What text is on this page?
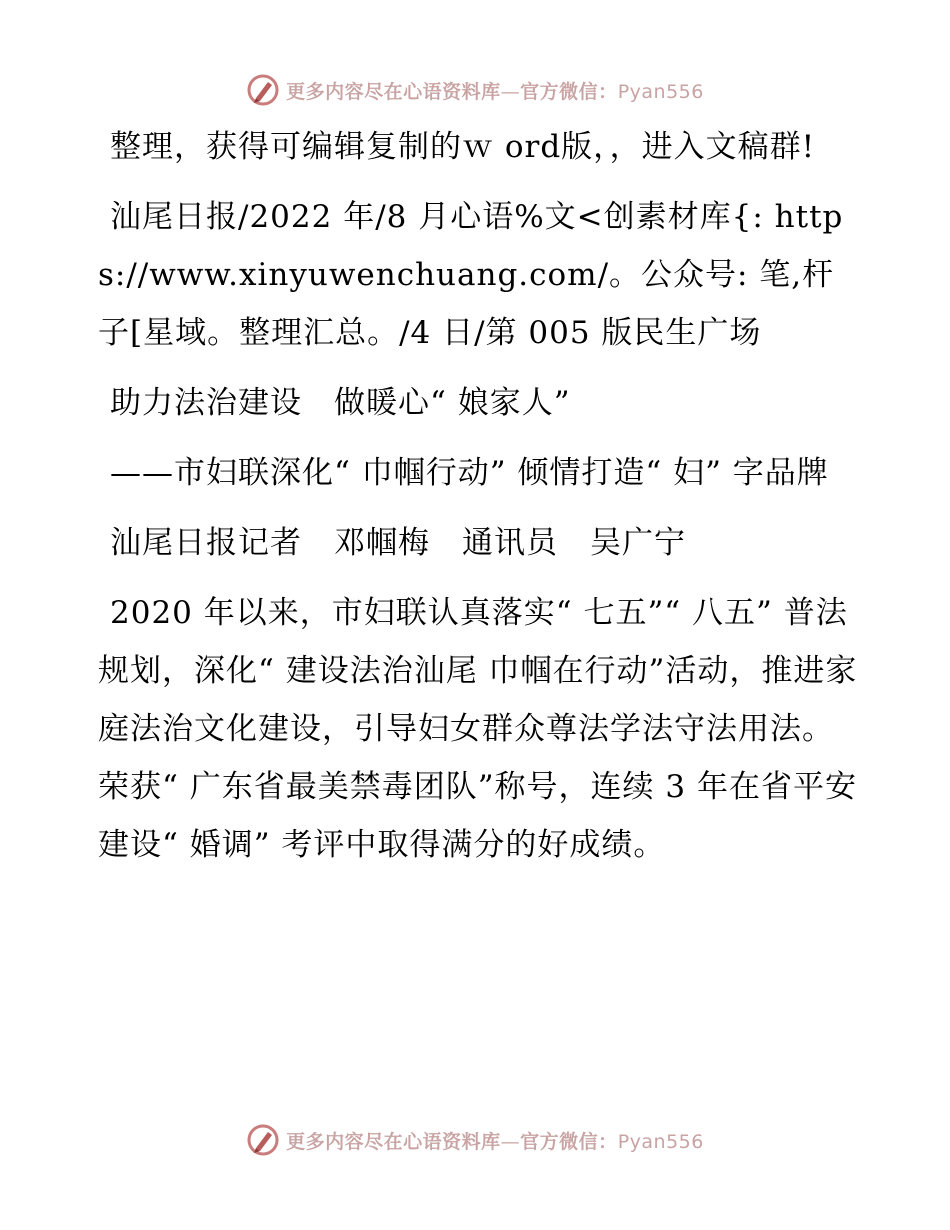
更多内容尽在心语资料库—官方微信：Pyan556

整理，获得可编辑复制的ｗ ord版，，进入文稿群!

汕尾日报/2022 年/8 月心语%文<创素材库{: https://www.xinyuwenchuang.com/。公众号: 笔,杆子[星域。整理汇总。/4 日/第 005 版民生广场

助力法治建设　做暖心“ 娘家人”

——市妇联深化“ 巾帼行动” 倾情打造“ 妇” 字品牌

汕尾日报记者　邓帼梅　通讯员　吴广宁

2020 年以来，市妇联认真落实“ 七五”“ 八五” 普法规划，深化“ 建设法治汕尾 巾帼在行动”活动，推进家庭法治文化建设，引导妇女群众尊法学法守法用法。荣获“ 广东省最美禁毒团队”称号，连续 3 年在省平安建设“ 婚调” 考评中取得满分的好成绩。

更多内容尽在心语资料库—官方微信：Pyan556
